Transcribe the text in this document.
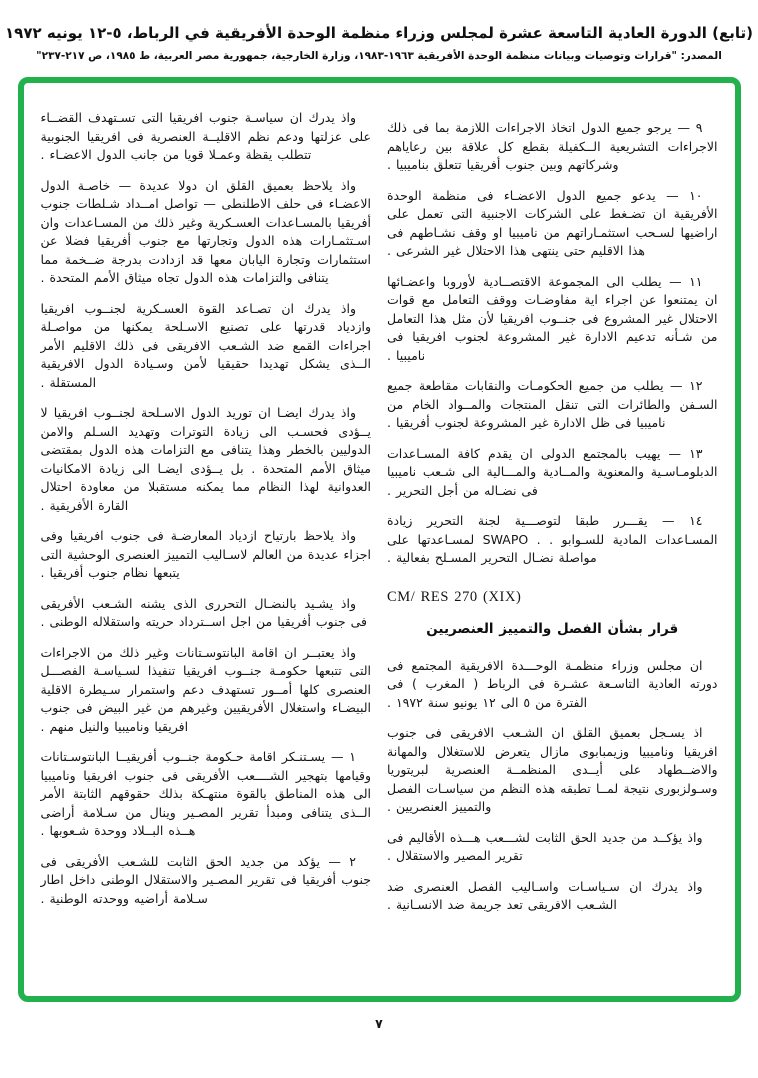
(تابع) الدورة العادية التاسعة عشرة لمجلس وزراء منظمة الوحدة الأفريقية في الرباط، ٥-١٢ يونيه ١٩٧٢
المصدر: "قرارات وتوصيات وبيانات منظمة الوحدة الأفريقية ١٩٦٣-١٩٨٣، وزارة الخارجية، جمهورية مصر العربية، ط ١٩٨٥، ص ٢١٧-٢٣٧"

٩ — يرجو جميع الدول اتخاذ الاجراءات اللازمة بما فى ذلك الاجراءات التشريعية الــكفيلة بقطع كل علاقة بين رعاياهم وشركاتهم وبين جنوب أفريقيا تتعلق بناميبيا .

١٠ — يدعو جميع الدول الاعضـاء فى منظمة الوحدة الأفريقية ان تضـغط على الشركات الاجنبية التى تعمل على اراضيها لسـحب استثمـاراتهم من ناميبيا او وقف نشـاطهم فى هذا الاقليم حتى ينتهى هذا الاحتلال غير الشرعى .

١١ — يطلب الى المجموعة الاقتصــادية لأوروبا واعضـائها ان يمتنعوا عن اجراء اية مفاوضـات ووقف التعامل مع قوات الاحتلال غير المشروع فى جنــوب افريقيا لأن مثل هذا التعامل من شـأنه تدعيم الادارة غير المشروعة لجنوب افريقيا فى ناميبيا .

١٢ — يطلب من جميع الحكومـات والنقابات مقاطعة جميع السـفن والطائرات التى تنقل المنتجات والمــواد الخام من ناميبيا فى ظل الادارة غير المشروعة لجنوب أفريقيا .

١٣ — يهيب بالمجتمع الدولى ان يقدم كافة المسـاعدات الدبلومـاسـية والمعنوية والمــادية والمـــالية الى شـعب ناميبيا فى نضـاله من أجل التحرير .

١٤ — يقـــرر طبقا لتوصـــية لجنة التحرير زيادة المسـاعدات المادية للسـوابو . . SWAPO لمسـاعدتها على مواصلة نضـال التحرير المسـلح بفعالية .

CM/ RES 270 (XIX)

قرار بشأن الفصل والتمييز العنصريين

ان مجلس وزراء منظمـة الوحـــدة الافريقية المجتمع فى دورته العادية التاسـعة عشـرة فى الرباط ( المغرب ) فى الفترة من ٥ الى ١٢ يونيو سنة ١٩٧٢ .

اذ يسـجل بعميق القلق ان الشـعب الافريقى فى جنوب افريقيا وناميبيا وزيمبابوى مازال يتعرض للاستغلال والمهانة والاضــطهاد على أيــدى المنظمــة العنصرية لبريتوريا وسـولزبورى نتيجة لمــا تطبقه هذه النظم من سياسـات الفصل والتمييز العنصريين .

واذ يؤكــد من جديد الحق الثابت لشـــعب هـــذه الأقاليم فى تقرير المصير والاستقلال .

واذ يدرك ان سـياسـات واسـاليب الفصل العنصرى ضد الشـعب الافريقى تعد جريمة ضد الانسـانية .

واذ يدرك ان سياسـة جنوب افريقيا التى تسـتهدف القضــاء على عزلتها ودعم نظم الاقليــة العنصرية فى افريقيا الجنوبية تتطلب يقظة وعمـلا قويا من جانب الدول الاعضـاء .

واذ يلاحظ بعميق القلق ان دولا عديدة — خاصـة الدول الاعضـاء فى حلف الاطلنطى — تواصل امــداد شـلطات جنوب أفريقيا بالمسـاعدات العسـكرية وغير ذلك من المسـاعدات وان اسـتثمـارات هذه الدول وتجارتها مع جنوب أفريقيا فضلا عن استثمارات وتجارة اليابان معها قد ازدادت بدرجة ضــخمة مما يتنافى والتزامات هذه الدول تجاه ميثاق الأمم المتحدة .

واذ يدرك ان تصـاعد القوة العسـكرية لجنــوب افريقيا وازدياد قدرتها على تصنيع الاسـلحة يمكنها من مواصـلة اجراءات القمع ضد الشـعب الافريقى فى ذلك الاقليم الأمر الــذى يشكل تهديدا حقيقيا لأمن وسـيادة الدول الافريقية المستقلة .

واذ يدرك ايضـا ان توريد الدول الاسـلحة لجنــوب افريقيا لا يــؤدى فحسـب الى زيادة التوترات وتهديد السـلم والامن الدوليين بالخطر وهذا يتنافى مع التزامات هذه الدول بمقتضى ميثاق الأمم المتحدة . بل يــؤدى ايضـا الى زيادة الامكانيات العدوانية لهذا النظام مما يمكنه مستقبلا من معاودة احتلال القارة الأفريقية .

واذ يلاحظ بارتياح ازدياد المعارضـة فى جنوب افريقيا وفى اجزاء عديدة من العالم لاسـاليب التمييز العنصرى الوحشية التى يتبعها نظام جنوب أفريقيا .

واذ يشـيد بالنضـال التحررى الذى يشنه الشـعب الأفريقى فى جنوب أفريقيا من اجل اســترداد حريته واستقلاله الوطنى .

واذ يعتبــر ان اقامة البانتوسـتانات وغير ذلك من الاجراءات التى تتبعها حكومـة جنــوب افريقيا تنفيذا لسـياسـة الفصـــل العنصرى كلها أمــور تستهدف دعم واستمرار سـيطرة الاقلية البيضـاء واستغلال الأفريقيين وغيرهم من غير البيض فى جنوب افريقيا وناميبيا والنيل منهم .

١ — يسـتنـكر اقامة حـكومة جنــوب أفريقيــا البانتوسـتانات وقيامها بتهجير الشــــعب الأفريقى فى جنوب افريقيا وناميبيا الى هذه المناطق بالقوة منتهـكة بذلك حقوقهم الثابتة الأمر الــذى يتنافى ومبدأ تقرير المصـير وينال من سـلامة أراضى هــذه البــلاد ووحدة شـعوبها .

٢ — يؤكد من جديد الحق الثابت للشـعب الأفريقى فى جنوب أفريقيا فى تقرير المصـير والاستقلال الوطنى داخل اطار سـلامة أراضيه ووحدته الوطنية .

٧
